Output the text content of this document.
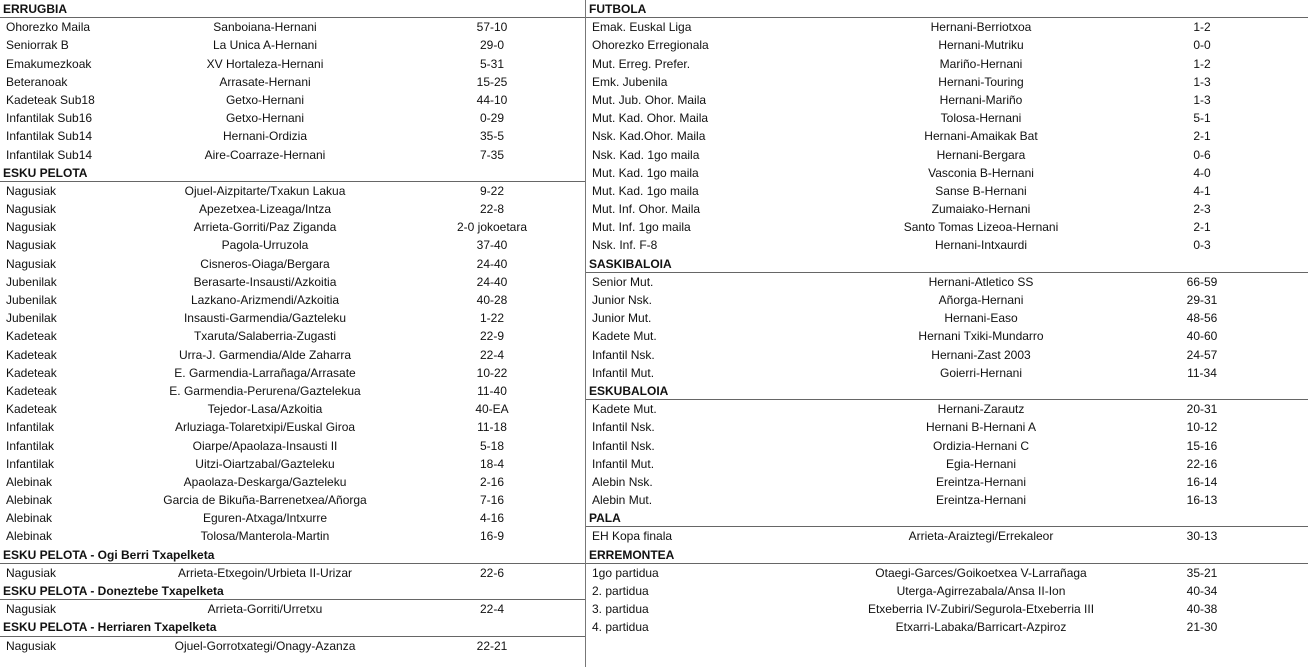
ERRUGBIA
Ohorezko Maila	Sanboiana-Hernani	57-10
Seniorrak B	La Unica A-Hernani	29-0
Emakumezkoak	XV Hortaleza-Hernani	5-31
Beteranoak	Arrasate-Hernani	15-25
Kadeteak Sub18	Getxo-Hernani	44-10
Infantilak Sub16	Getxo-Hernani	0-29
Infantilak Sub14	Hernani-Ordizia	35-5
Infantilak Sub14	Aire-Coarraze-Hernani	7-35
ESKU PELOTA
Nagusiak	Ojuel-Aizpitarte/Txakun Lakua	9-22
Nagusiak	Apezetxea-Lizeaga/Intza	22-8
Nagusiak	Arrieta-Gorriti/Paz Ziganda	2-0 jokoetara
Nagusiak	Pagola-Urruzola	37-40
Nagusiak	Cisneros-Oiaga/Bergara	24-40
Jubenilak	Berasarte-Insausti/Azkoitia	24-40
Jubenilak	Lazkano-Arizmendi/Azkoitia	40-28
Jubenilak	Insausti-Garmendia/Gazteleku	1-22
Kadeteak	Txaruta/Salaberria-Zugasti	22-9
Kadeteak	Urra-J. Garmendia/Alde Zaharra	22-4
Kadeteak	E. Garmendia-Larrañaga/Arrasate	10-22
Kadeteak	E. Garmendia-Perurena/Gaztelekua	11-40
Kadeteak	Tejedor-Lasa/Azkoitia	40-EA
Infantilak	Arluziaga-Tolaretxipi/Euskal Giroa	11-18
Infantilak	Oiarpe/Apaolaza-Insausti II	5-18
Infantilak	Uitzi-Oiartzabal/Gazteleku	18-4
Alebinak	Apaolaza-Deskarga/Gazteleku	2-16
Alebinak	Garcia de Bikuña-Barrenetxea/Añorga	7-16
Alebinak	Eguren-Atxaga/Intxurre	4-16
Alebinak	Tolosa/Manterola-Martin	16-9
ESKU PELOTA - Ogi Berri Txapelketa
Nagusiak	Arrieta-Etxegoin/Urbieta II-Urizar	22-6
ESKU PELOTA - Doneztebe Txapelketa
Nagusiak	Arrieta-Gorriti/Urretxu	22-4
ESKU PELOTA - Herriaren Txapelketa
Nagusiak	Ojuel-Gorrotxategi/Onagy-Azanza	22-21
FUTBOLA
Emak. Euskal Liga	Hernani-Berriotxoa	1-2
Ohorezko Erregionala	Hernani-Mutriku	0-0
Mut. Erreg. Prefer.	Mariño-Hernani	1-2
Emk. Jubenila	Hernani-Touring	1-3
Mut. Jub. Ohor. Maila	Hernani-Mariño	1-3
Mut. Kad. Ohor. Maila	Tolosa-Hernani	5-1
Nsk. Kad.Ohor. Maila	Hernani-Amaikak Bat	2-1
Nsk. Kad. 1go maila	Hernani-Bergara	0-6
Mut. Kad. 1go maila	Vasconia B-Hernani	4-0
Mut. Kad. 1go maila	Sanse B-Hernani	4-1
Mut. Inf. Ohor. Maila	Zumaiako-Hernani	2-3
Mut. Inf. 1go maila	Santo Tomas Lizeoa-Hernani	2-1
Nsk. Inf. F-8	Hernani-Intxaurdi	0-3
SASKIBALOIA
Senior Mut.	Hernani-Atletico SS	66-59
Junior Nsk.	Añorga-Hernani	29-31
Junior Mut.	Hernani-Easo	48-56
Kadete Mut.	Hernani Txiki-Mundarro	40-60
Infantil Nsk.	Hernani-Zast 2003	24-57
Infantil Mut.	Goierri-Hernani	11-34
ESKUBALOIA
Kadete Mut.	Hernani-Zarautz	20-31
Infantil Nsk.	Hernani B-Hernani A	10-12
Infantil Nsk.	Ordizia-Hernani C	15-16
Infantil Mut.	Egia-Hernani	22-16
Alebin Nsk.	Ereintza-Hernani	16-14
Alebin Mut.	Ereintza-Hernani	16-13
PALA
EH Kopa finala	Arrieta-Araiztegi/Errekaleor	30-13
ERREMONTEA
1go partidua	Otaegi-Garces/Goikoetxea V-Larrañaga	35-21
2. partidua	Uterga-Agirrezabala/Ansa II-Ion	40-34
3. partidua	Etxeberria IV-Zubiri/Segurola-Etxeberria III	40-38
4. partidua	Etxarri-Labaka/Barricart-Azpiroz	21-30
